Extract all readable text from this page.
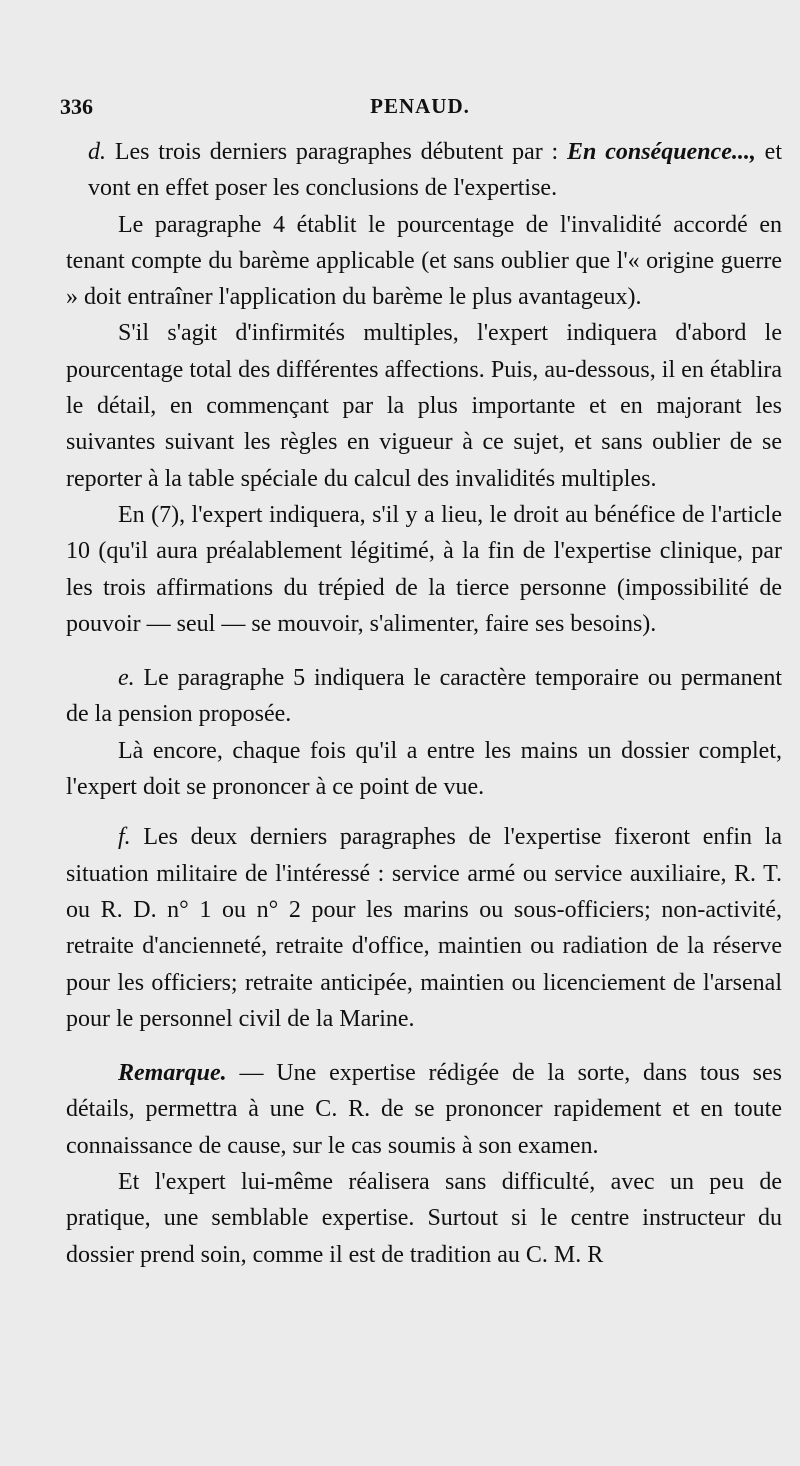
336	PENAUD.

d. Les trois derniers paragraphes débutent par : En conséquence..., et vont en effet poser les conclusions de l'expertise.

Le paragraphe 4 établit le pourcentage de l'invalidité accordé en tenant compte du barème applicable (et sans oublier que l'« origine guerre » doit entraîner l'application du barème le plus avantageux).

S'il s'agit d'infirmités multiples, l'expert indiquera d'abord le pourcentage total des différentes affections. Puis, au-dessous, il en établira le détail, en commençant par la plus importante et en majorant les suivantes suivant les règles en vigueur à ce sujet, et sans oublier de se reporter à la table spéciale du calcul des invalidités multiples.

En (7), l'expert indiquera, s'il y a lieu, le droit au bénéfice de l'article 10 (qu'il aura préalablement légitimé, à la fin de l'expertise clinique, par les trois affirmations du trépied de la tierce personne (impossibilité de pouvoir — seul — se mouvoir, s'alimenter, faire ses besoins).

e. Le paragraphe 5 indiquera le caractère temporaire ou permanent de la pension proposée.

Là encore, chaque fois qu'il a entre les mains un dossier complet, l'expert doit se prononcer à ce point de vue.

f. Les deux derniers paragraphes de l'expertise fixeront enfin la situation militaire de l'intéressé : service armé ou service auxiliaire, R. T. ou R. D. n° 1 ou n° 2 pour les marins ou sous-officiers; non-activité, retraite d'ancienneté, retraite d'office, maintien ou radiation de la réserve pour les officiers; retraite anticipée, maintien ou licenciement de l'arsenal pour le personnel civil de la Marine.

Remarque. — Une expertise rédigée de la sorte, dans tous ses détails, permettra à une C. R. de se prononcer rapidement et en toute connaissance de cause, sur le cas soumis à son examen.

Et l'expert lui-même réalisera sans difficulté, avec un peu de pratique, une semblable expertise. Surtout si le centre instructeur du dossier prend soin, comme il est de tradition au C. M. R
